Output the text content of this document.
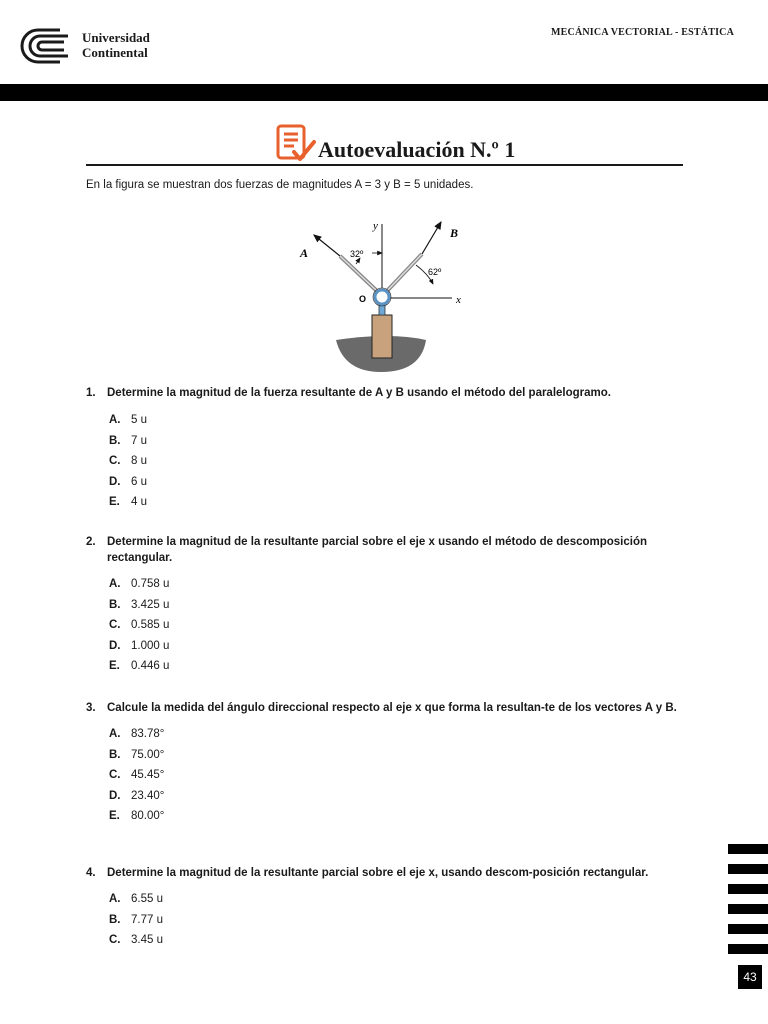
Universidad
Continental
MECÁNICA VECTORIAL - ESTÁTICA
Autoevaluación N.º 1
En la figura se muestran dos fuerzas de magnitudes A = 3 y B = 5 unidades.
y
A
B
x
O
32º
62º
1. Determine la magnitud de la fuerza resultante de A y B usando el método del paralelogramo.
A. 5 u
B. 7 u
C. 8 u
D. 6 u
E. 4 u
2. Determine la magnitud de la resultante parcial sobre el eje x usando el método de descomposición rectangular.
A. 0.758 u
B. 3.425 u
C. 0.585 u
D. 1.000 u
E. 0.446 u
3. Calcule la medida del ángulo direccional respecto al eje x que forma la resultan-te de los vectores A y B.
A. 83.78°
B. 75.00°
C. 45.45°
D. 23.40°
E. 80.00°
4. Determine la magnitud de la resultante parcial sobre el eje x, usando descom-posición rectangular.
A. 6.55 u
B. 7.77 u
C. 3.45 u
43
